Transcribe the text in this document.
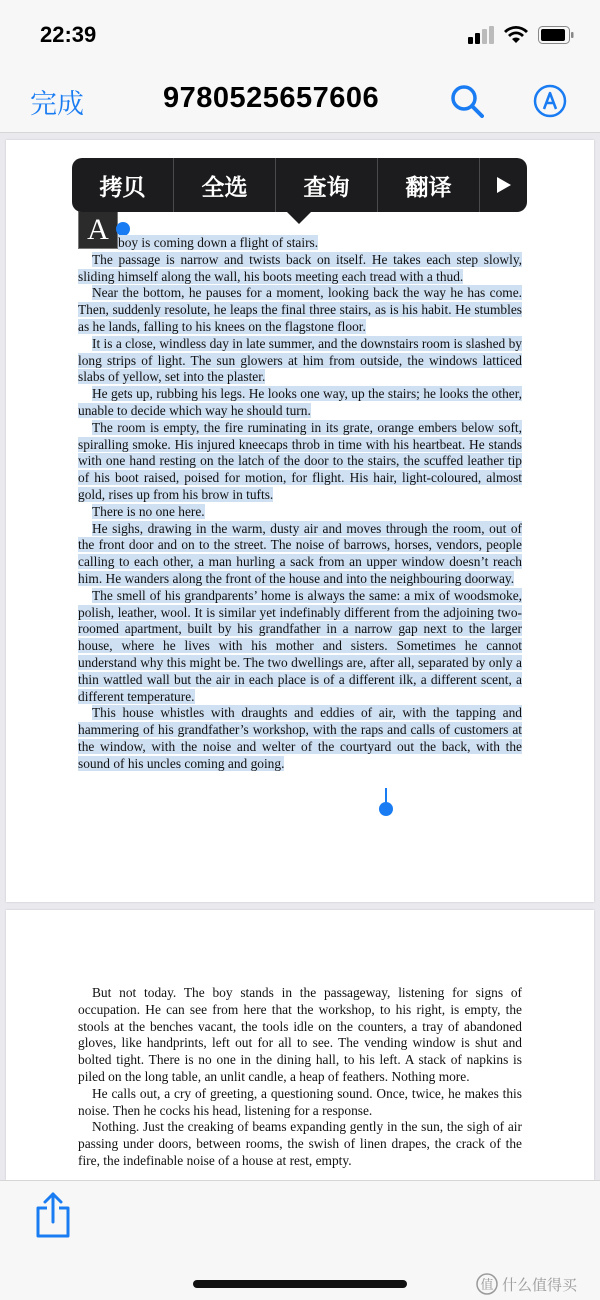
22:39
完成	9780525657606
A boy is coming down a flight of stairs.

The passage is narrow and twists back on itself. He takes each step slowly, sliding himself along the wall, his boots meeting each tread with a thud.

Near the bottom, he pauses for a moment, looking back the way he has come. Then, suddenly resolute, he leaps the final three stairs, as is his habit. He stumbles as he lands, falling to his knees on the flagstone floor.

It is a close, windless day in late summer, and the downstairs room is slashed by long strips of light. The sun glowers at him from outside, the windows latticed slabs of yellow, set into the plaster.

He gets up, rubbing his legs. He looks one way, up the stairs; he looks the other, unable to decide which way he should turn.

The room is empty, the fire ruminating in its grate, orange embers below soft, spiralling smoke. His injured kneecaps throb in time with his heartbeat. He stands with one hand resting on the latch of the door to the stairs, the scuffed leather tip of his boot raised, poised for motion, for flight. His hair, light-coloured, almost gold, rises up from his brow in tufts.

There is no one here.

He sighs, drawing in the warm, dusty air and moves through the room, out of the front door and on to the street. The noise of barrows, horses, vendors, people calling to each other, a man hurling a sack from an upper window doesn’t reach him. He wanders along the front of the house and into the neighbouring doorway.

The smell of his grandparents’ home is always the same: a mix of woodsmoke, polish, leather, wool. It is similar yet indefinably different from the adjoining two-roomed apartment, built by his grandfather in a narrow gap next to the larger house, where he lives with his mother and sisters. Sometimes he cannot understand why this might be. The two dwellings are, after all, separated by only a thin wattled wall but the air in each place is of a different ilk, a different scent, a different temperature.

This house whistles with draughts and eddies of air, with the tapping and hammering of his grandfather’s workshop, with the raps and calls of customers at the window, with the noise and welter of the courtyard out the back, with the sound of his uncles coming and going.

拷贝	全选	查询	翻译

But not today. The boy stands in the passageway, listening for signs of occupation. He can see from here that the workshop, to his right, is empty, the stools at the benches vacant, the tools idle on the counters, a tray of abandoned gloves, like handprints, left out for all to see. The vending window is shut and bolted tight. There is no one in the dining hall, to his left. A stack of napkins is piled on the long table, an unlit candle, a heap of feathers. Nothing more.

He calls out, a cry of greeting, a questioning sound. Once, twice, he makes this noise. Then he cocks his head, listening for a response.

Nothing. Just the creaking of beams expanding gently in the sun, the sigh of air passing under doors, between rooms, the swish of linen drapes, the crack of the fire, the indefinable noise of a house at rest, empty.

值 什么值得买
